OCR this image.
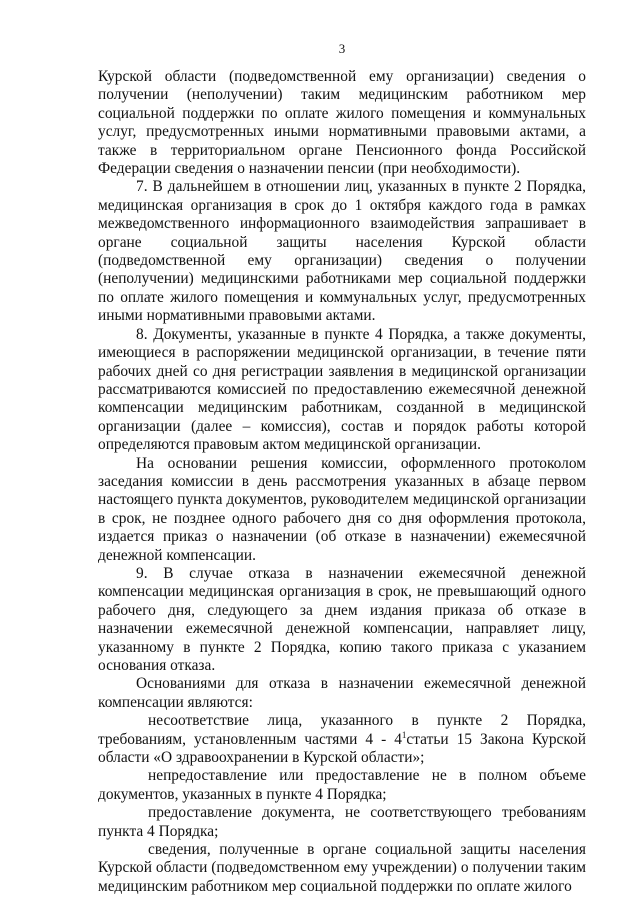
3

Курской области (подведомственной ему организации) сведения о получении (неполучении) таким медицинским работником мер социальной поддержки по оплате жилого помещения и коммунальных услуг, предусмотренных иными нормативными правовыми актами, а также в территориальном органе Пенсионного фонда Российской Федерации сведения о назначении пенсии (при необходимости).

7. В дальнейшем в отношении лиц, указанных в пункте 2 Порядка, медицинская организация в срок до 1 октября каждого года в рамках межведомственного информационного взаимодействия запрашивает в органе социальной защиты населения Курской области (подведомственной ему организации) сведения о получении (неполучении) медицинскими работниками мер социальной поддержки по оплате жилого помещения и коммунальных услуг, предусмотренных иными нормативными правовыми актами.

8. Документы, указанные в пункте 4 Порядка, а также документы, имеющиеся в распоряжении медицинской организации, в течение пяти рабочих дней со дня регистрации заявления в медицинской организации рассматриваются комиссией по предоставлению ежемесячной денежной компенсации медицинским работникам, созданной в медицинской организации (далее – комиссия), состав и порядок работы которой определяются правовым актом медицинской организации.

На основании решения комиссии, оформленного протоколом заседания комиссии в день рассмотрения указанных в абзаце первом настоящего пункта документов, руководителем медицинской организации в срок, не позднее одного рабочего дня со дня оформления протокола, издается приказ о назначении (об отказе в назначении) ежемесячной денежной компенсации.

9. В случае отказа в назначении ежемесячной денежной компенсации медицинская организация в срок, не превышающий одного рабочего дня, следующего за днем издания приказа об отказе в назначении ежемесячной денежной компенсации, направляет лицу, указанному в пункте 2 Порядка, копию такого приказа с указанием основания отказа.

Основаниями для отказа в назначении ежемесячной денежной компенсации являются:

несоответствие лица, указанного в пункте 2 Порядка, требованиям, установленным частями $4 - 4^1статьи$ 15 Закона Курской области «О здравоохранении в Курской области»;

непредоставление или предоставление не в полном объеме документов, указанных в пункте 4 Порядка;

предоставление документа, не соответствующего требованиям пункта 4 Порядка;

сведения, полученные в органе социальной защиты населения Курской области (подведомственном ему учреждении) о получении таким медицинским работником мер социальной поддержки по оплате жилого
